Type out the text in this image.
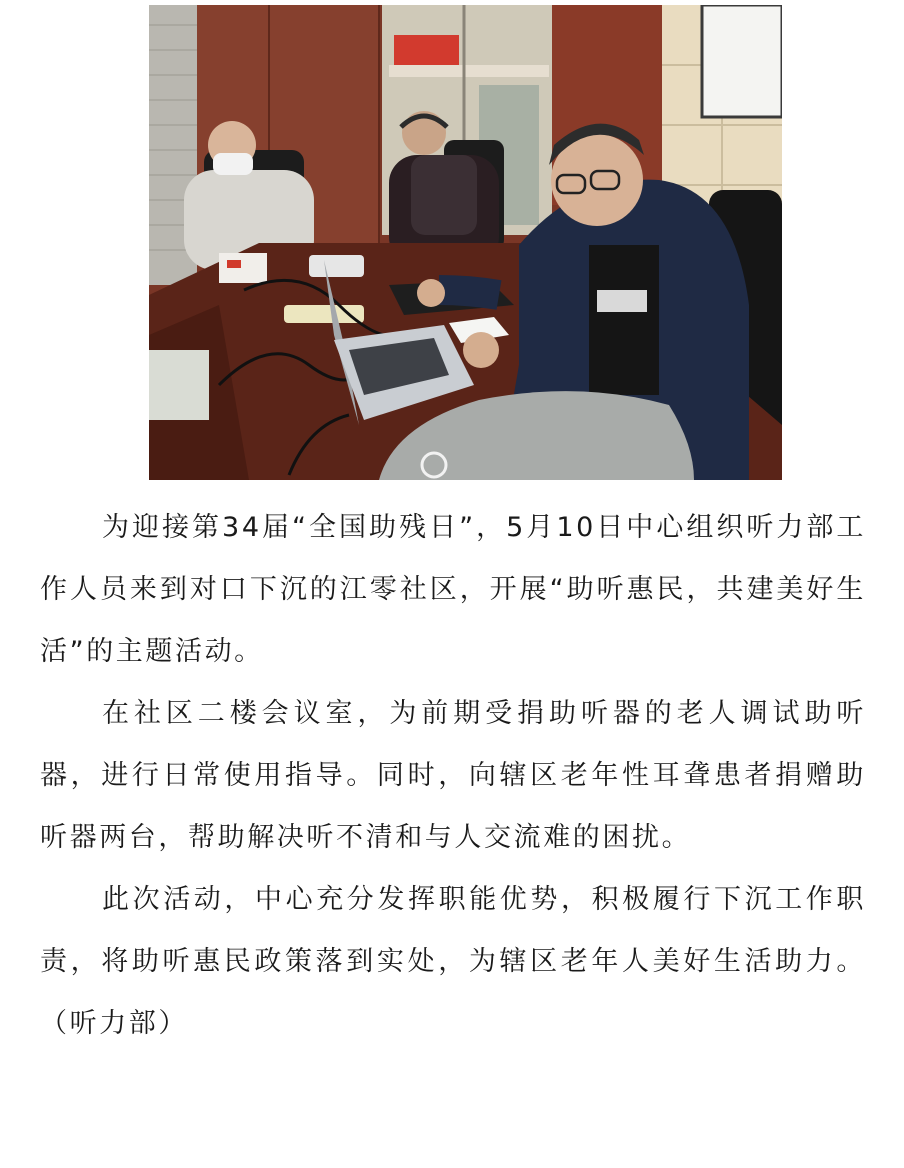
为迎接第34届“全国助残日”，5月10日中心组织听力部工作人员来到对口下沉的江零社区，开展“助听惠民，共建美好生活”的主题活动。

在社区二楼会议室，为前期受捐助听器的老人调试助听器，进行日常使用指导。同时，向辖区老年性耳聋患者捐赠助听器两台，帮助解决听不清和与人交流难的困扰。

此次活动，中心充分发挥职能优势，积极履行下沉工作职责，将助听惠民政策落到实处，为辖区老年人美好生活助力。（听力部）
